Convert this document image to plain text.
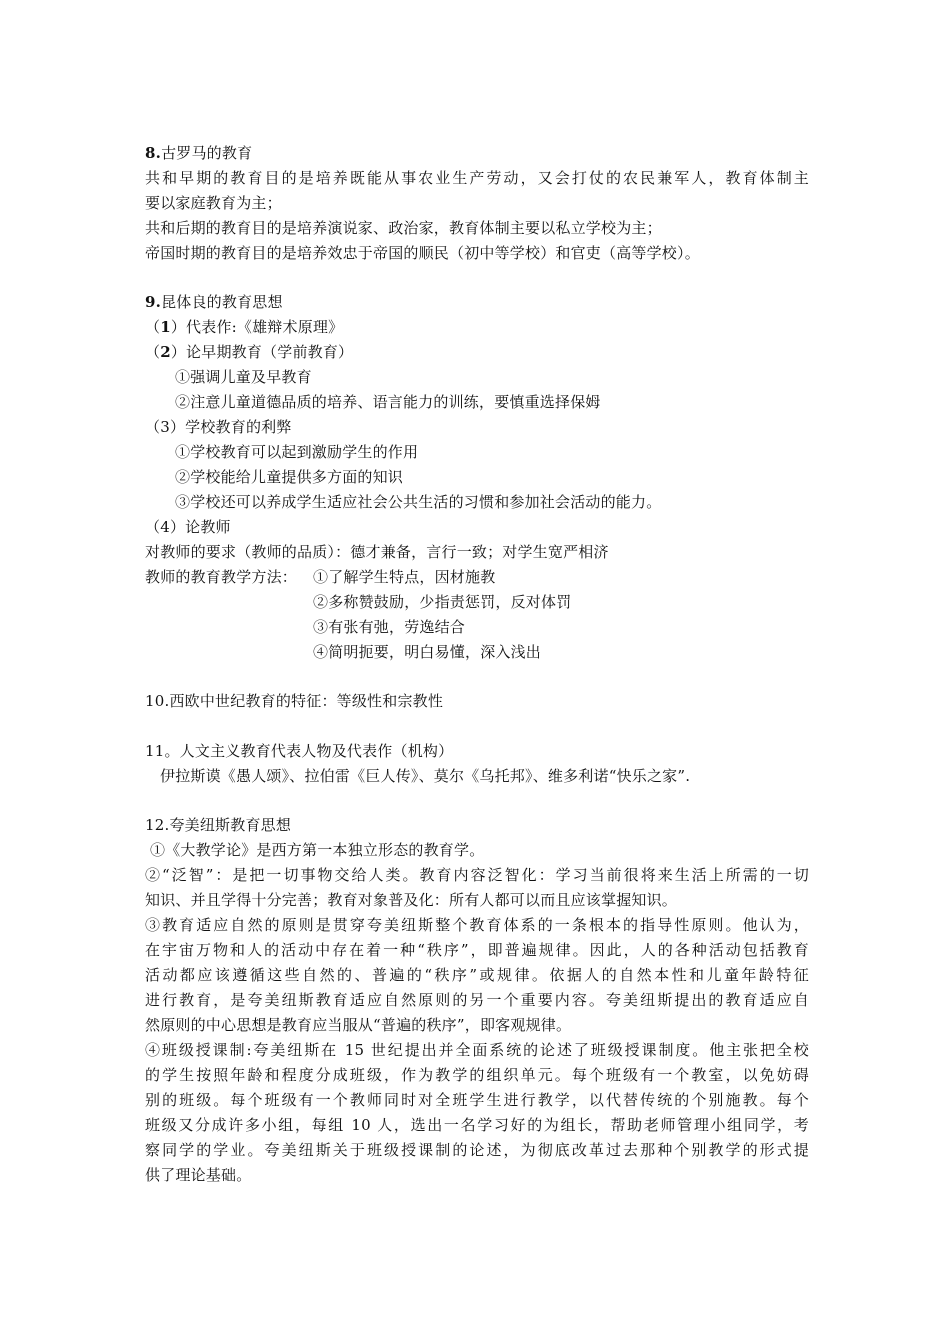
8.古罗马的教育
共和早期的教育目的是培养既能从事农业生产劳动，又会打仗的农民兼军人，教育体制主
要以家庭教育为主；
共和后期的教育目的是培养演说家、政治家，教育体制主要以私立学校为主；
帝国时期的教育目的是培养效忠于帝国的顺民（初中等学校）和官吏（高等学校）。
9.昆体良的教育思想
（1）代表作:《雄辩术原理》
（2）论早期教育（学前教育）
①强调儿童及早教育
②注意儿童道德品质的培养、语言能力的训练，要慎重选择保姆
（3）学校教育的利弊
①学校教育可以起到激励学生的作用
②学校能给儿童提供多方面的知识
③学校还可以养成学生适应社会公共生活的习惯和参加社会活动的能力。
（4）论教师
对教师的要求（教师的品质）：德才兼备，言行一致；对学生宽严相济
教师的教育教学方法： ①了解学生特点，因材施教
②多称赞鼓励，少指责惩罚，反对体罚
③有张有弛，劳逸结合
④简明扼要，明白易懂，深入浅出
10.西欧中世纪教育的特征：等级性和宗教性
11。人文主义教育代表人物及代表作（机构）
伊拉斯谟《愚人颂》、拉伯雷《巨人传》、莫尔《乌托邦》、维多利诺“快乐之家”.
12.夸美纽斯教育思想
①《大教学论》是西方第一本独立形态的教育学。
②“泛智”：是把一切事物交给人类。教育内容泛智化：学习当前很将来生活上所需的一切
知识、并且学得十分完善；教育对象普及化：所有人都可以而且应该掌握知识。
③教育适应自然的原则是贯穿夸美纽斯整个教育体系的一条根本的指导性原则。他认为，
在宇宙万物和人的活动中存在着一种“秩序”，即普遍规律。因此，人的各种活动包括教育
活动都应该遵循这些自然的、普遍的“秩序”或规律。依据人的自然本性和儿童年龄特征
进行教育，是夸美纽斯教育适应自然原则的另一个重要内容。夸美纽斯提出的教育适应自
然原则的中心思想是教育应当服从“普遍的秩序”，即客观规律。
④班级授课制:夸美纽斯在 15 世纪提出并全面系统的论述了班级授课制度。他主张把全校
的学生按照年龄和程度分成班级，作为教学的组织单元。每个班级有一个教室，以免妨碍
别的班级。每个班级有一个教师同时对全班学生进行教学，以代替传统的个别施教。每个
班级又分成许多小组，每组 10 人，选出一名学习好的为组长，帮助老师管理小组同学，考
察同学的学业。夸美纽斯关于班级授课制的论述，为彻底改革过去那种个别教学的形式提
供了理论基础。
